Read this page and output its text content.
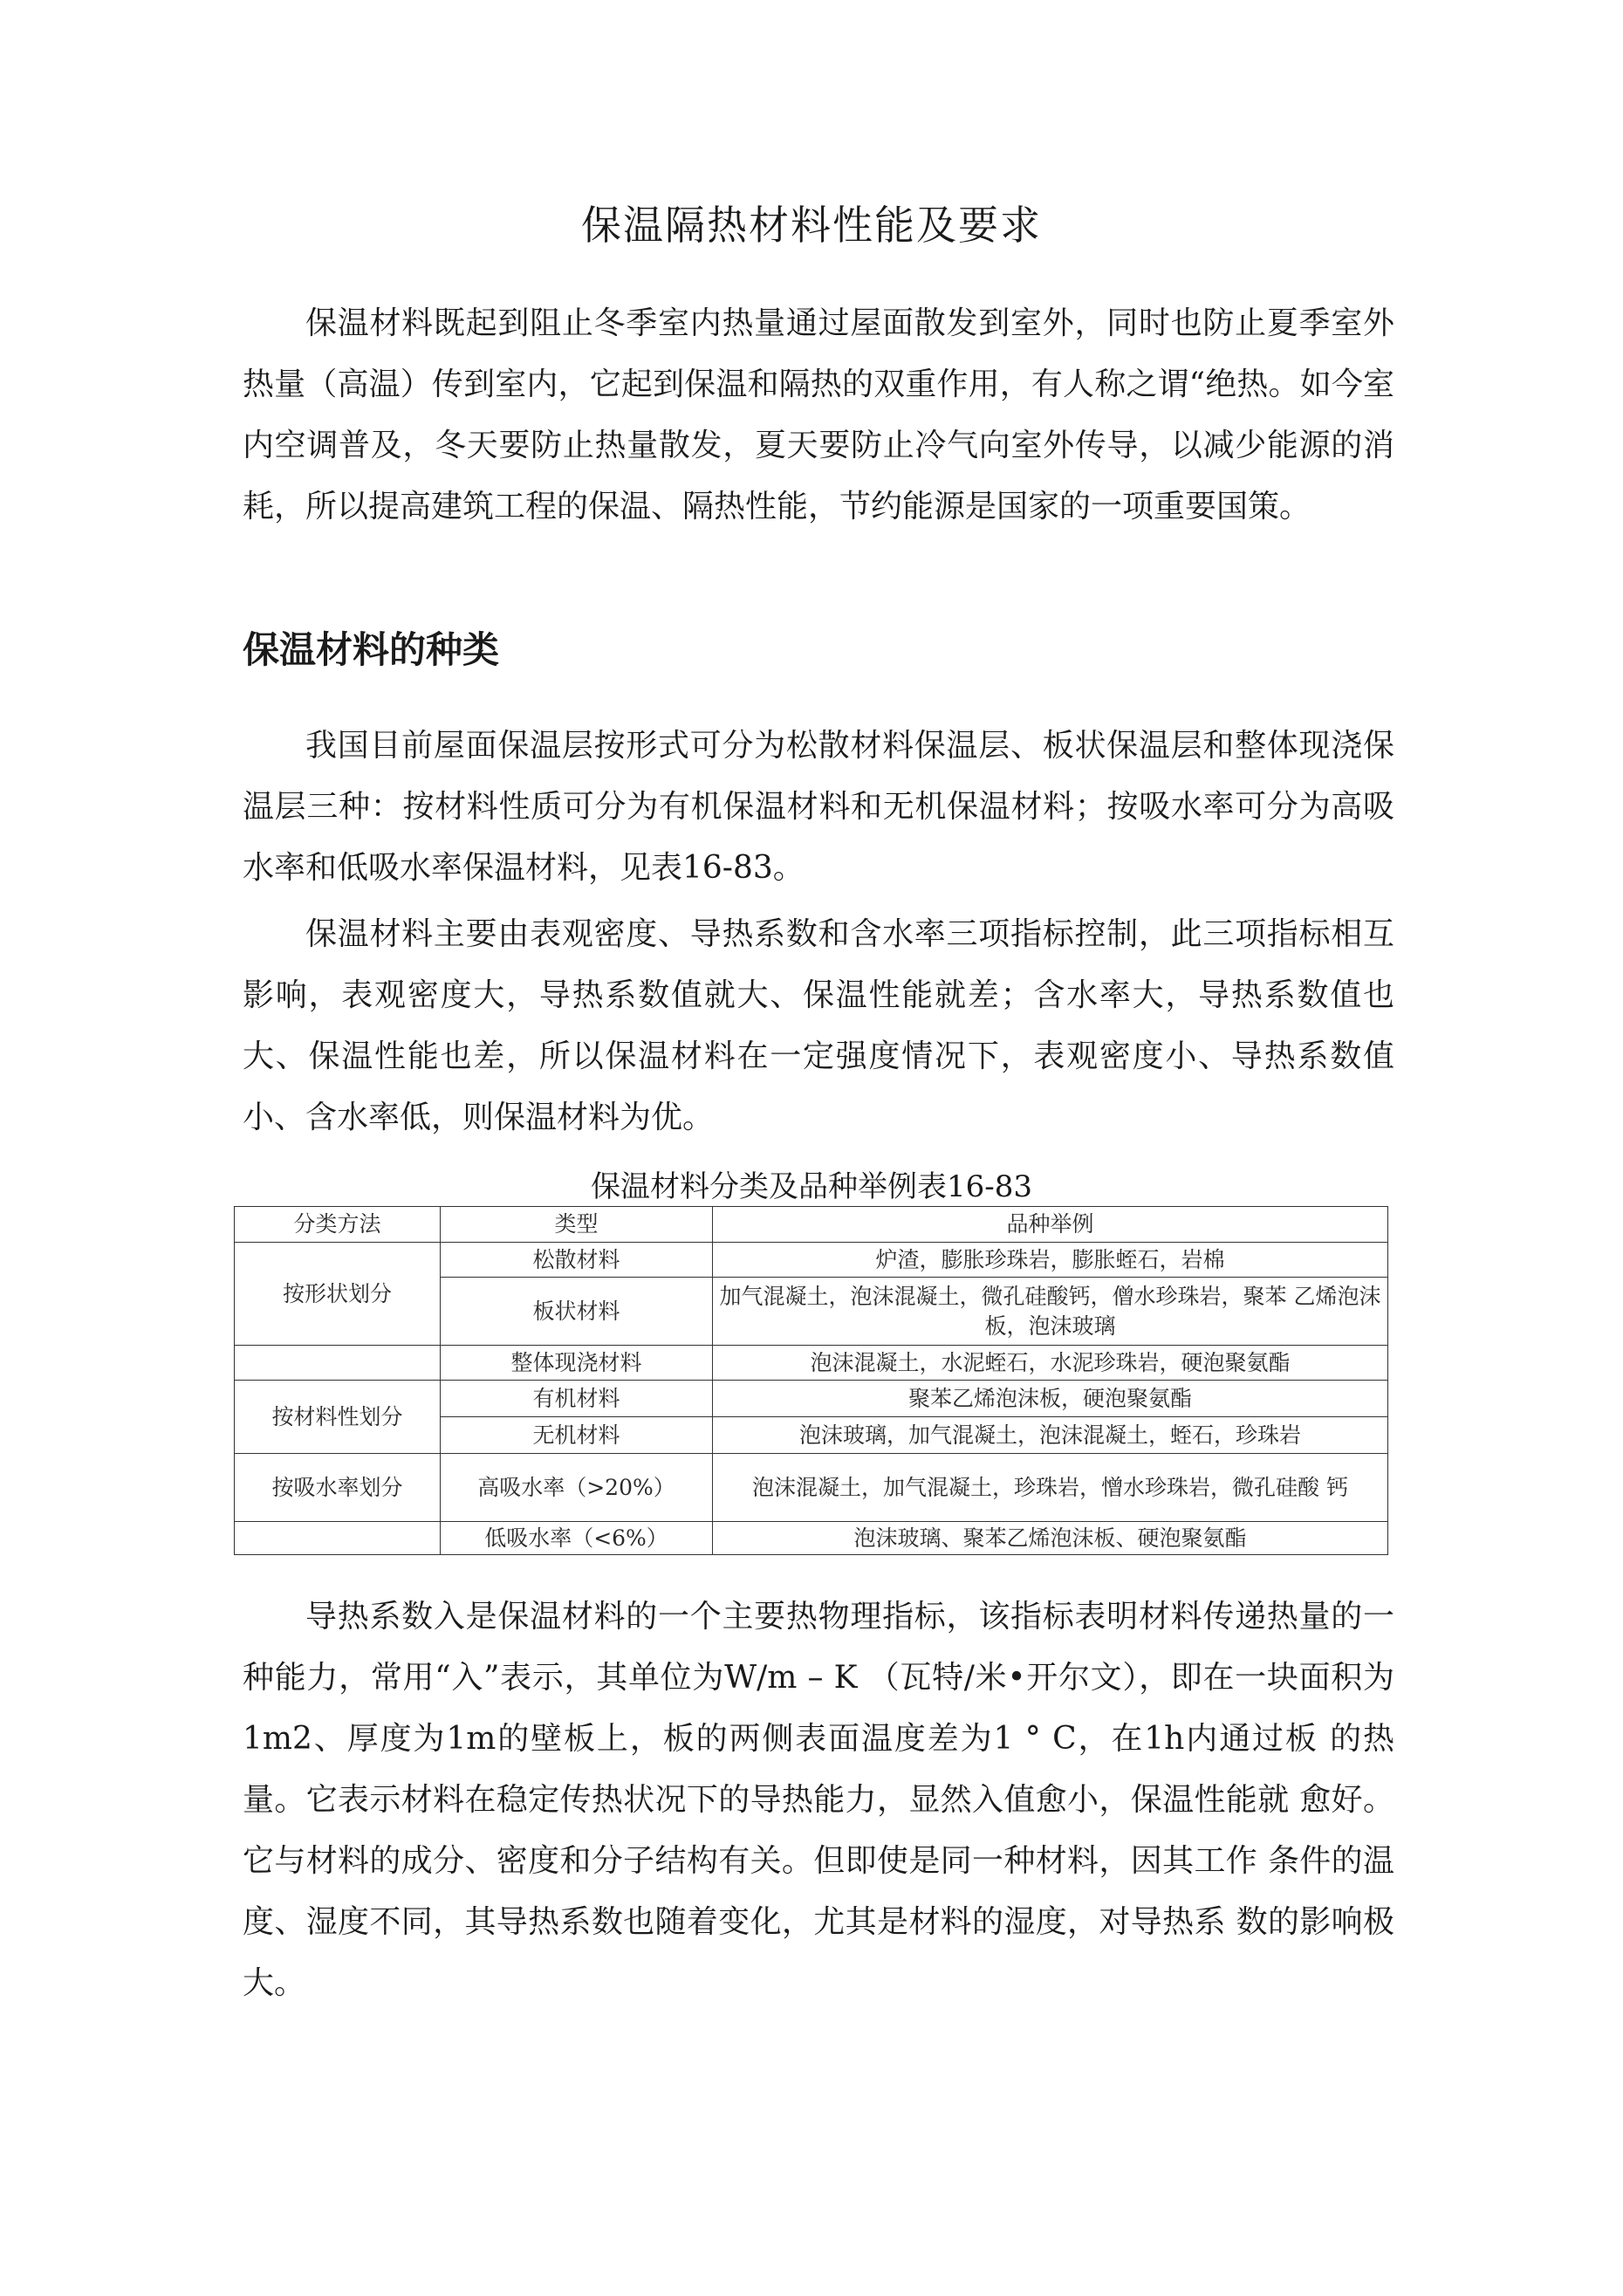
保温隔热材料性能及要求

保温材料既起到阻止冬季室内热量通过屋面散发到室外，同时也防止夏季室外热量（高温）传到室内，它起到保温和隔热的双重作用，有人称之谓“绝热。如今室内空调普及，冬天要防止热量散发，夏天要防止冷气向室外传导，以减少能源的消耗，所以提高建筑工程的保温、隔热性能，节约能源是国家的一项重要国策。

保温材料的种类

我国目前屋面保温层按形式可分为松散材料保温层、板状保温层和整体现浇保温层三种：按材料性质可分为有机保温材料和无机保温材料；按吸水率可分为高吸水率和低吸水率保温材料，见表16-83。

保温材料主要由表观密度、导热系数和含水率三项指标控制，此三项指标相互影响，表观密度大，导热系数值就大、保温性能就差；含水率大，导热系数值也大、保温性能也差，所以保温材料在一定强度情况下，表观密度小、导热系数值小、含水率低，则保温材料为优。

保温材料分类及品种举例表16-83
分类方法	类型	品种举例
按形状划分	松散材料	炉渣，膨胀珍珠岩，膨胀蛭石，岩棉
	板状材料	加气混凝土，泡沫混凝土，微孔硅酸钙，僧水珍珠岩，聚苯 乙烯泡沫板，泡沫玻璃
	整体现浇材料	泡沫混凝土，水泥蛭石，水泥珍珠岩，硬泡聚氨酯
按材料性划分	有机材料	聚苯乙烯泡沫板，硬泡聚氨酯
	无机材料	泡沫玻璃，加气混凝土，泡沫混凝土，蛭石，珍珠岩
按吸水率划分	高吸水率（>20%）	泡沫混凝土，加气混凝土，珍珠岩，憎水珍珠岩，微孔硅酸 钙
	低吸水率（<6%）	泡沫玻璃、聚苯乙烯泡沫板、硬泡聚氨酯

导热系数入是保温材料的一个主要热物理指标，该指标表明材料传递热量的一种能力，常用“入”表示，其单位为W/m – K （瓦特/米•开尔文），即在一块面积为1m2、厚度为1m的壁板上，板的两侧表面温度差为1 ° C，在1h内通过板 的热量。它表示材料在稳定传热状况下的导热能力，显然入值愈小，保温性能就 愈好。它与材料的成分、密度和分子结构有关。但即使是同一种材料，因其工作 条件的温度、湿度不同，其导热系数也随着变化，尤其是材料的湿度，对导热系 数的影响极大。
